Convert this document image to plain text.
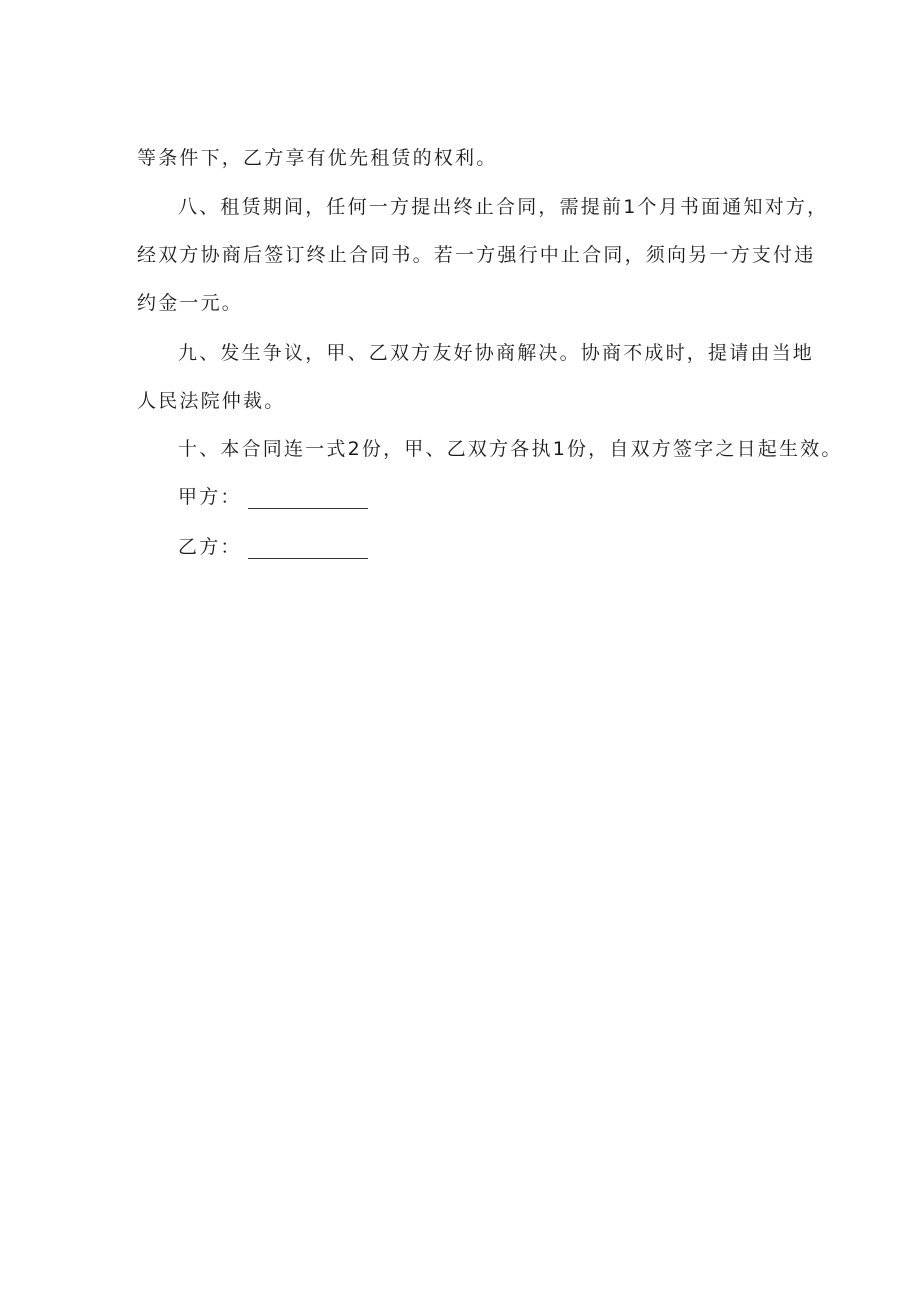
等条件下，乙方享有优先租赁的权利。
八、租赁期间，任何一方提出终止合同，需提前1个月书面通知对方，
经双方协商后签订终止合同书。若一方强行中止合同，须向另一方支付违
约金一元。
九、发生争议，甲、乙双方友好协商解决。协商不成时，提请由当地
人民法院仲裁。
十、本合同连一式2份，甲、乙双方各执1份，自双方签字之日起生效。
甲方：
乙方：
